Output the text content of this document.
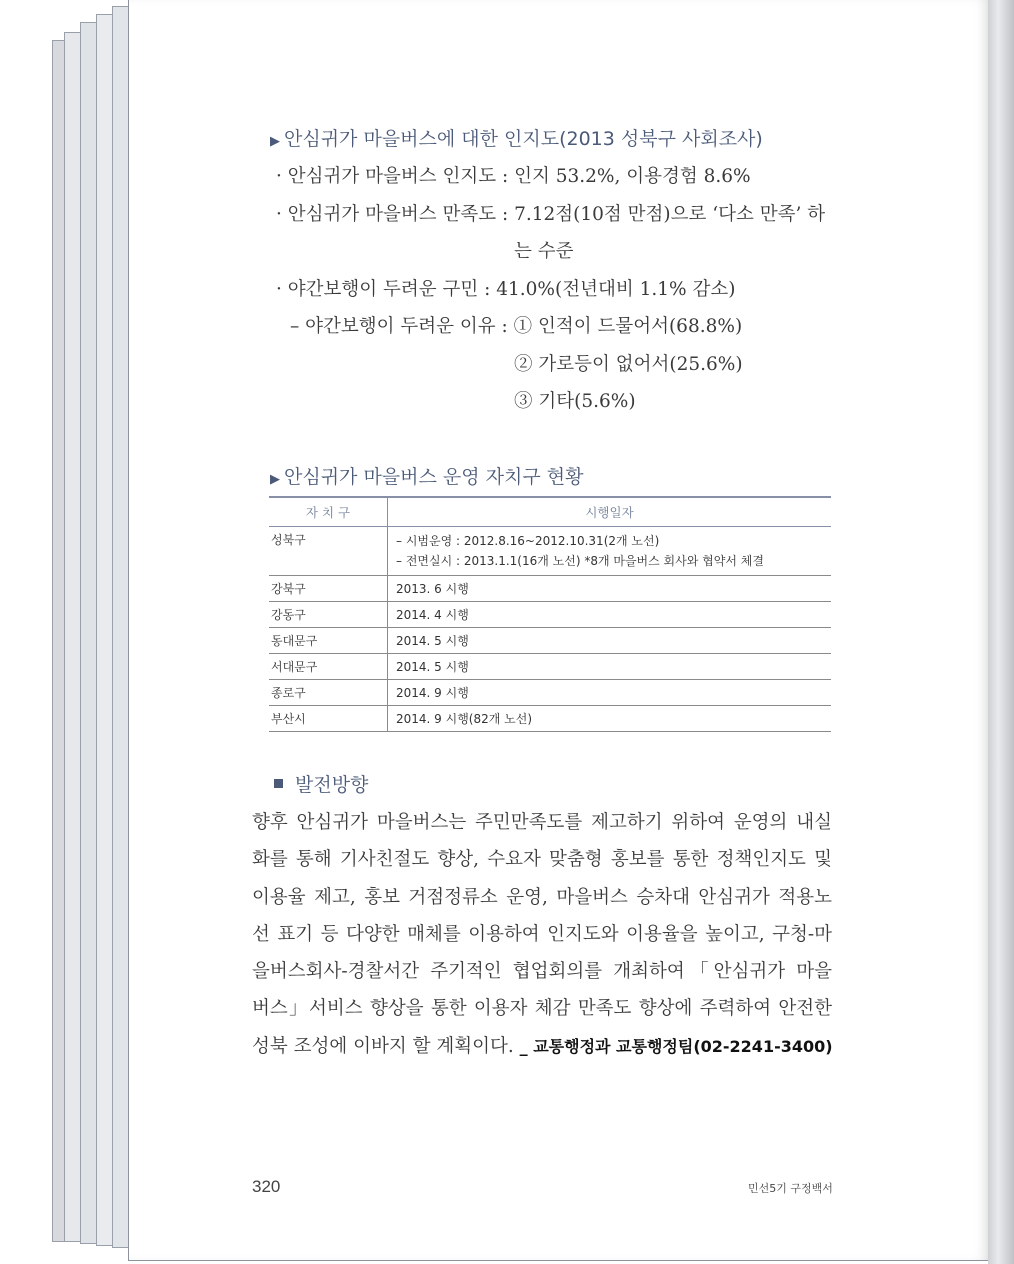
▶ 안심귀가 마을버스에 대한 인지도(2013 성북구 사회조사)
· 안심귀가 마을버스 인지도 : 인지 53.2%, 이용경험 8.6%
· 안심귀가 마을버스 만족도 : 7.12점(10점 만점)으로 ‘다소 만족’ 하
는 수준
· 야간보행이 두려운 구민 : 41.0%(전년대비 1.1% 감소)
– 야간보행이 두려운 이유 : ① 인적이 드물어서(68.8%)
② 가로등이 없어서(25.6%)
③ 기타(5.6%)
▶ 안심귀가 마을버스 운영 자치구 현황
자 치 구	시행일자
성북구	– 시범운영 : 2012.8.16~2012.10.31(2개 노선)
– 전면실시 : 2013.1.1(16개 노선) *8개 마을버스 회사와 협약서 체결

강북구	2013. 6 시행
강동구	2014. 4 시행
동대문구	2014. 5 시행
서대문구	2014. 5 시행
종로구	2014. 9 시행
부산시	2014. 9 시행(82개 노선)
발전방향
향후 안심귀가 마을버스는 주민만족도를 제고하기 위하여 운영의 내실
화를 통해 기사친절도 향상, 수요자 맞춤형 홍보를 통한 정책인지도 및
이용율 제고, 홍보 거점정류소 운영, 마을버스 승차대 안심귀가 적용노
선 표기 등 다양한 매체를 이용하여 인지도와 이용율을 높이고, 구청-마
을버스회사-경찰서간 주기적인 협업회의를 개최하여「안심귀가 마을
버스」서비스 향상을 통한 이용자 체감 만족도 향상에 주력하여 안전한
성북 조성에 이바지 할 계획이다. _ 교통행정과 교통행정팀(02-2241-3400)
320	민선5기 구정백서
